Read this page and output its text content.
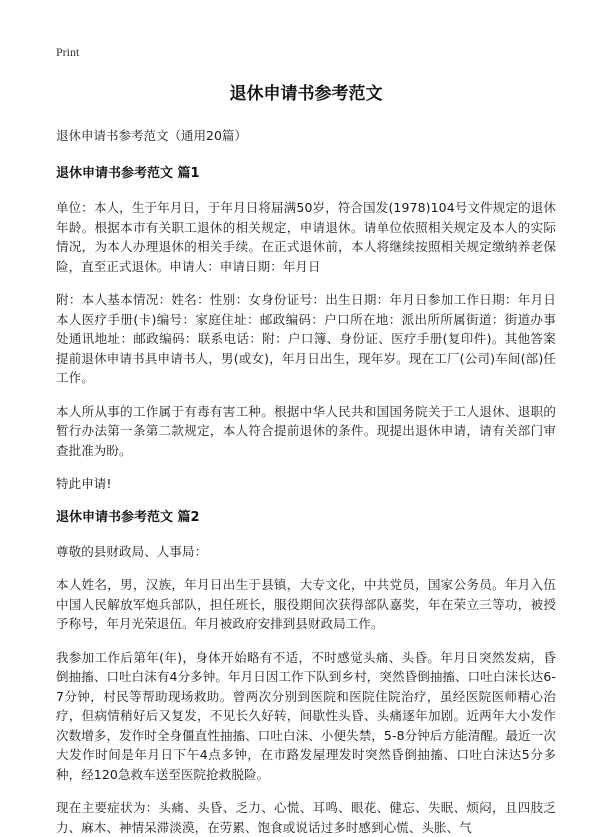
Print
退休申请书参考范文
退休申请书参考范文（通用20篇）
退休申请书参考范文 篇1

单位：本人，生于年月日，于年月日将届满50岁，符合国发(1978)104号文件规定的退休年龄。根据本市有关职工退休的相关规定，申请退休。请单位依照相关规定及本人的实际情况，为本人办理退休的相关手续。在正式退休前，本人将继续按照相关规定缴纳养老保险，直至正式退休。申请人：申请日期：年月日

附：本人基本情况：姓名：性别：女身份证号：出生日期：年月日参加工作日期：年月日本人医疗手册(卡)编号：家庭住址：邮政编码：户口所在地：派出所所属街道：街道办事处通讯地址：邮政编码：联系电话：附：户口簿、身份证、医疗手册(复印件)。其他答案提前退休申请书具申请书人，男(或女)，年月日出生，现年岁。现在工厂(公司)车间(部)任工作。

本人所从事的工作属于有毒有害工种。根据中华人民共和国国务院关于工人退休、退职的暂行办法第一条第二款规定，本人符合提前退休的条件。现提出退休申请，请有关部门审查批准为盼。

特此申请!

退休申请书参考范文 篇2

尊敬的县财政局、人事局：

本人姓名，男，汉族，年月日出生于县镇，大专文化，中共党员，国家公务员。年月入伍中国人民解放军炮兵部队，担任班长，服役期间次获得部队嘉奖，年在荣立三等功，被授予称号，年月光荣退伍。年月被政府安排到县财政局工作。

我参加工作后第年(年)，身体开始略有不适，不时感觉头痛、头昏。年月日突然发病，昏倒抽搐、口吐白沫有4分多钟。年月日因工作下队到乡村，突然昏倒抽搐、口吐白沫长达6-7分钟，村民等帮助现场救助。曾两次分别到医院和医院住院治疗，虽经医院医师精心治疗，但病情稍好后又复发，不见长久好转，间歇性头昏、头痛逐年加剧。近两年大小发作次数增多，发作时全身僵直性抽搐、口吐白沫、小便失禁，5-8分钟后方能清醒。最近一次大发作时间是年月日下午4点多钟，在市路发屋理发时突然昏倒抽搐、口吐白沫达5分多种，经120急救车送至医院抢救脱险。

现在主要症状为：头痛、头昏、乏力、心慌、耳鸣、眼花、健忘、失眠、烦闷，且四肢乏力、麻木、神情呆滞淡漠，在劳累、饱食或说话过多时感到心慌、头胀、气
